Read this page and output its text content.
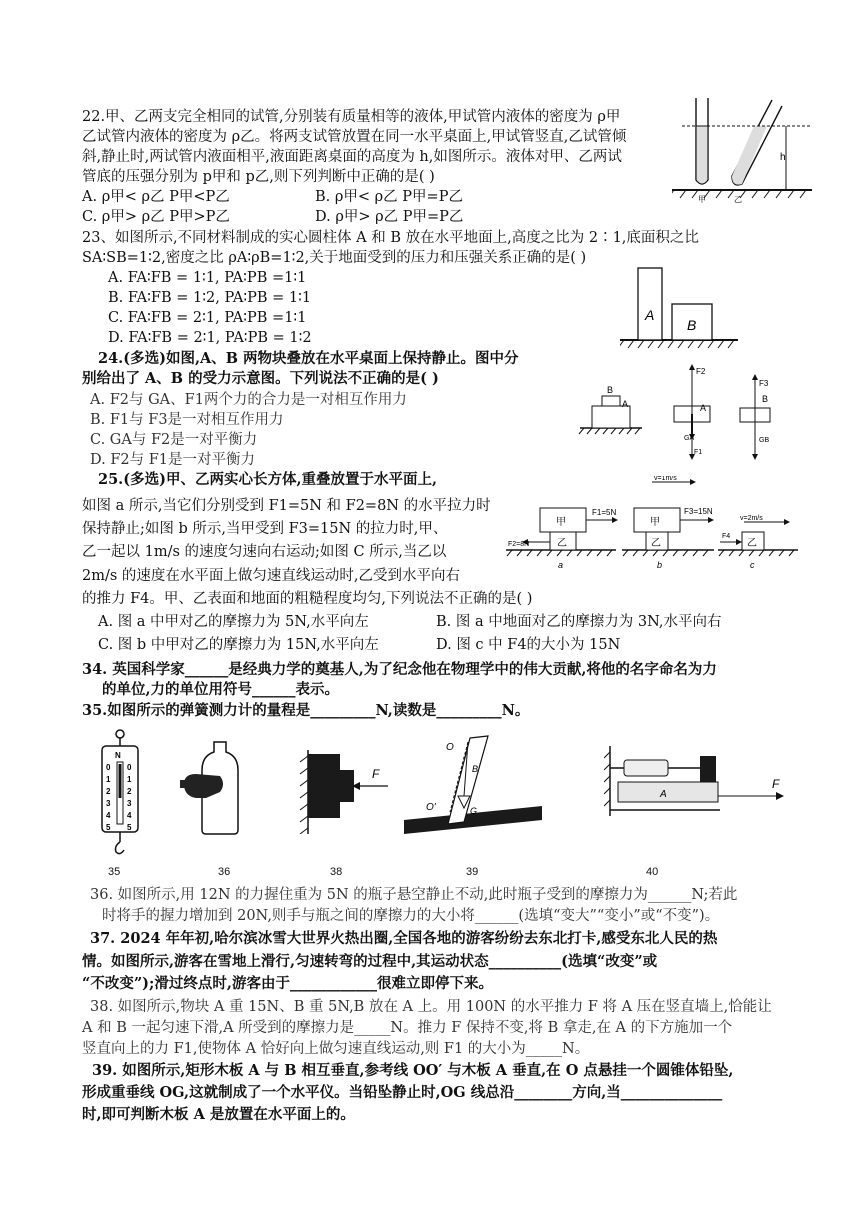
22.甲、乙两支完全相同的试管,分别装有质量相等的液体,甲试管内液体的密度为 ρ甲
乙试管内液体的密度为 ρ乙。将两支试管放置在同一水平桌面上,甲试管竖直,乙试管倾
斜,静止时,两试管内液面相平,液面距离桌面的高度为 h,如图所示。液体对甲、乙两试
管底的压强分别为 p甲和 p乙,则下列判断中正确的是( )
A. ρ甲< ρ乙 P甲<P乙	B. ρ甲< ρ乙 P甲=P乙
C. ρ甲> ρ乙 P甲>P乙	D. ρ甲> ρ乙 P甲=P乙
h
甲	乙
23、如图所示,不同材料制成的实心圆柱体 A 和 B 放在水平地面上,高度之比为 2∶1,底面积之比
SA∶SB=1∶2,密度之比 ρA∶ρB=1∶2,关于地面受到的压力和压强关系正确的是( )
A. FA∶FB = 1∶1, PA∶PB =1∶1
B. FA∶FB = 1∶2, PA∶PB = 1∶1
C. FA∶FB = 2∶1, PA∶PB =1∶1
D. FA∶FB = 2∶1, PA∶PB = 1∶2
A
B
24.(多选)如图,A、B 两物块叠放在水平桌面上保持静止。图中分
别给出了 A、B 的受力示意图。下列说法不正确的是( )
A. F2与 GA、F1两个力的合力是一对相互作用力
B. F1与 F3是一对相互作用力
C. GA与 F2是一对平衡力
D. F2与 F1是一对平衡力
B
A
F2
A
GA
F1
F3
B
GB
25.(多选)甲、乙两实心长方体,重叠放置于水平面上,
如图 a 所示,当它们分别受到 F1=5N 和 F2=8N 的水平拉力时
保持静止;如图 b 所示,当甲受到 F3=15N 的拉力时,甲、
乙一起以 1m/s 的速度匀速向右运动;如图 C 所示,当乙以
2m/s 的速度在水平面上做匀速直线运动时,乙受到水平向右
的推力 F4。甲、乙表面和地面的粗糙程度均匀,下列说法不正确的是( )
A. 图 a 中甲对乙的摩擦力为 5N,水平向左	B. 图 a 中地面对乙的摩擦力为 3N,水平向右
C. 图 b 中甲对乙的摩擦力为 15N,水平向左	D. 图 c 中 F4的大小为 15N
甲
乙
F1=5N
F2=8N
a
甲
乙
F3=15N
v=1m/s
b
乙
F4
v=2m/s
c
34. 英国科学家______是经典力学的奠基人,为了纪念他在物理学中的伟大贡献,将他的名字命名为力
的单位,力的单位用符号______表示。
35.如图所示的弹簧测力计的量程是_________N,读数是_________N。
N
0
1
2
3
4
5
0
1
2
3
4
5
F
O
O'
B
G
A
F
35	36	38	39	40
36. 如图所示,用 12N 的力握住重为 5N 的瓶子悬空静止不动,此时瓶子受到的摩擦力为______N;若此
时将手的握力增加到 20N,则手与瓶之间的摩擦力的大小将______(选填“变大”“变小”或“不变”)。
37. 2024 年年初,哈尔滨冰雪大世界火热出圈,全国各地的游客纷纷去东北打卡,感受东北人民的热
情。如图所示,游客在雪地上滑行,匀速转弯的过程中,其运动状态__________(选填“改变”或
“不改变”);滑过终点时,游客由于____________很难立即停下来。
38. 如图所示,物块 A 重 15N、B 重 5N,B 放在 A 上。用 100N 的水平推力 F 将 A 压在竖直墙上,恰能让
A 和 B 一起匀速下滑,A 所受到的摩擦力是_____N。推力 F 保持不变,将 B 拿走,在 A 的下方施加一个
竖直向上的力 F1,使物体 A 恰好向上做匀速直线运动,则 F1 的大小为_____N。
39. 如图所示,矩形木板 A 与 B 相互垂直,参考线 OO′ 与木板 A 垂直,在 O 点悬挂一个圆锥体铅坠,
形成重垂线 OG,这就制成了一个水平仪。当铅坠静止时,OG 线总沿________方向,当______________
时,即可判断木板 A 是放置在水平面上的。
